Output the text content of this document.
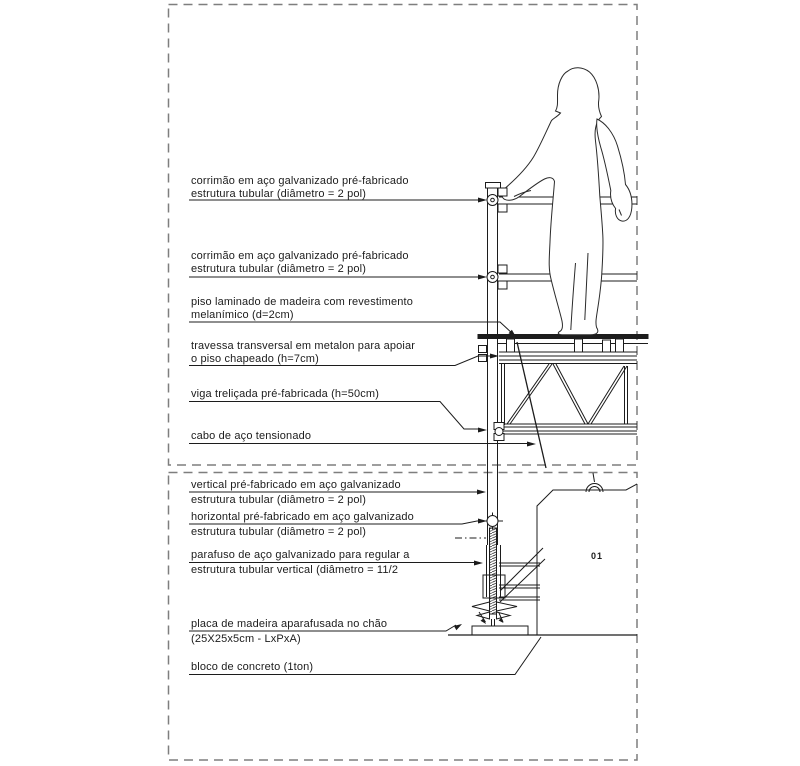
01
corrimão em aço galvanizado pré-fabricado
estrutura tubular (diâmetro = 2 pol)
corrimão em aço galvanizado pré-fabricado
estrutura tubular (diâmetro = 2 pol)
piso laminado de madeira com revestimento
melanímico (d=2cm)
travessa transversal em metalon para apoiar
o piso chapeado (h=7cm)
viga treliçada pré-fabricada (h=50cm)
cabo de aço tensionado
vertical pré-fabricado em aço galvanizado
estrutura tubular (diâmetro = 2 pol)
horizontal pré-fabricado em aço galvanizado
estrutura tubular (diâmetro = 2 pol)
parafuso de aço galvanizado para regular a
estrutura tubular vertical (diâmetro = 11/2
placa de madeira aparafusada no chão
(25X25x5cm - LxPxA)
bloco de concreto (1ton)
